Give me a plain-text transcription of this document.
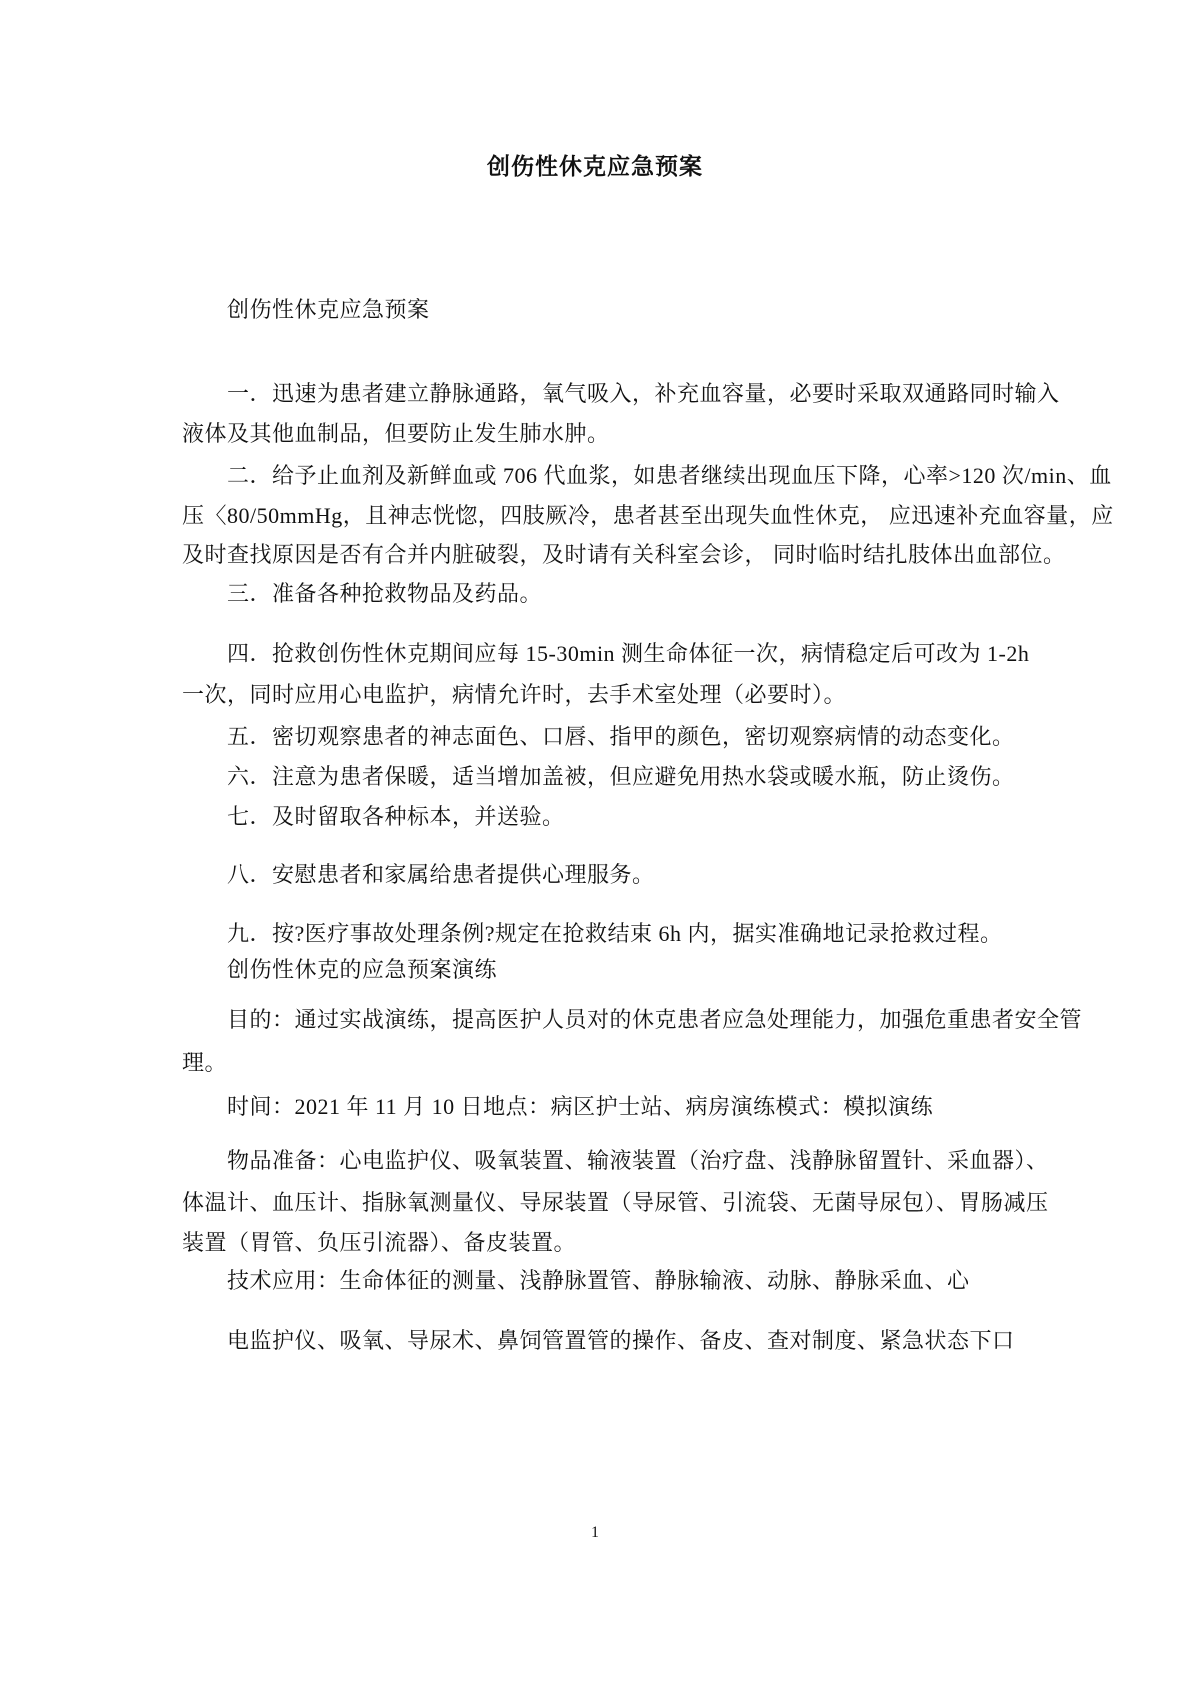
创伤性休克应急预案
创伤性休克应急预案
一．迅速为患者建立静脉通路，氧气吸入，补充血容量，必要时采取双通路同时输入
液体及其他血制品，但要防止发生肺水肿。
二．给予止血剂及新鲜血或 706 代血浆，如患者继续出现血压下降，心率>120 次/min、血
压〈80/50mmHg，且神志恍惚，四肢厥冷，患者甚至出现失血性休克， 应迅速补充血容量，应
及时查找原因是否有合并内脏破裂，及时请有关科室会诊， 同时临时结扎肢体出血部位。
三．准备各种抢救物品及药品。
四．抢救创伤性休克期间应每 15-30min 测生命体征一次，病情稳定后可改为 1-2h
一次，同时应用心电监护，病情允许时，去手术室处理（必要时）。
五．密切观察患者的神志面色、口唇、指甲的颜色，密切观察病情的动态变化。
六．注意为患者保暖，适当增加盖被，但应避免用热水袋或暖水瓶，防止烫伤。
七．及时留取各种标本，并送验。
八．安慰患者和家属给患者提供心理服务。
九．按?医疗事故处理条例?规定在抢救结束 6h 内，据实准确地记录抢救过程。
创伤性休克的应急预案演练
目的：通过实战演练，提高医护人员对的休克患者应急处理能力，加强危重患者安全管
理。
时间：2021 年 11 月 10 日地点：病区护士站、病房演练模式：模拟演练
物品准备：心电监护仪、吸氧装置、输液装置（治疗盘、浅静脉留置针、采血器）、
体温计、血压计、指脉氧测量仪、导尿装置（导尿管、引流袋、无菌导尿包）、胃肠减压
装置（胃管、负压引流器）、备皮装置。
技术应用：生命体征的测量、浅静脉置管、静脉输液、动脉、静脉采血、心
电监护仪、吸氧、导尿术、鼻饲管置管的操作、备皮、查对制度、紧急状态下口
1
